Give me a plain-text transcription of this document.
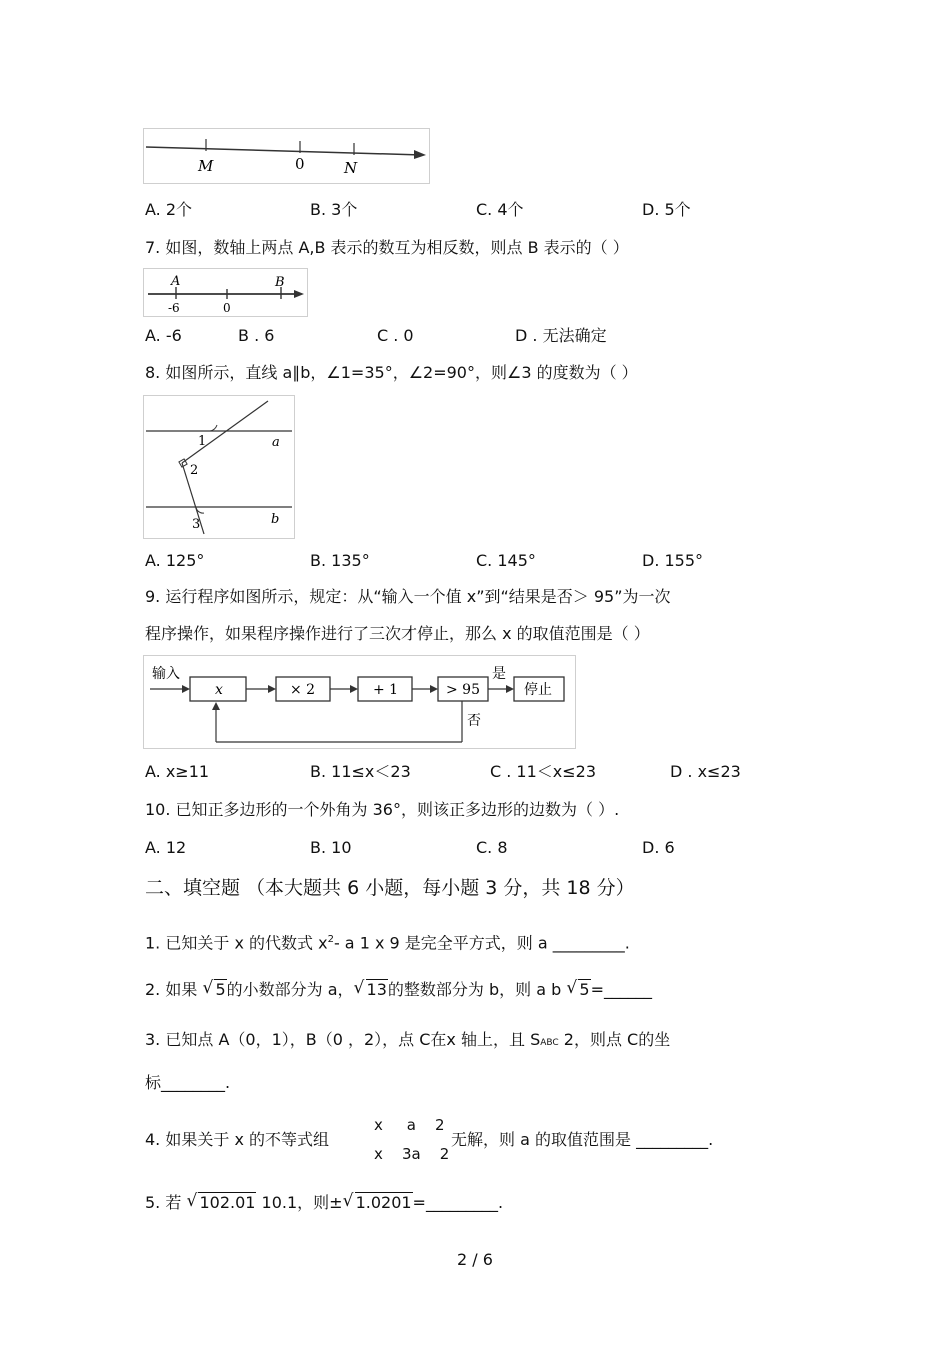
M	0	N
A. 2个	B. 3个	C. 4个	D. 5个
7. 如图，数轴上两点 A,B 表示的数互为相反数，则点 B 表示的（ ）
A	B
-6	0
A. -6	B . 6	C . 0	D . 无法确定
8. 如图所示，直线 a∥b，∠1=35°，∠2=90°，则∠3 的度数为（ ）
1
2
3
a
b
A. 125°	B. 135°	C. 145°	D. 155°
9. 运行程序如图所示，规定：从“输入一个值 x”到“结果是否＞ 95”为一次
程序操作，如果程序操作进行了三次才停止，那么 x 的取值范围是（ ）
输入
x	× 2	+ 1	> 95
是
停止
否
A. x≥11	B. 11≤x＜23	C . 11＜x≤23	D . x≤23
10. 已知正多边形的一个外角为 36°，则该正多边形的边数为（ ）.
A. 12	B. 10	C. 8	D. 6
二、填空题 （本大题共 6 小题，每小题 3 分，共 18 分）
1. 已知关于 x 的代数式 $x^2-$ a 1 x 9 是完全平方式，则 a _________.
2. 如果 √ 5的小数部分为 a， √ 13的整数部分为 b，则 a b √ 5=______
3. 已知点 A（0，1），B（0 ，2），点 C在x 轴上，且 SABC 2，则点 C的坐
标________.
4. 如果关于 x 的不等式组
x     a    2
x    3a    2
无解，则 a 的取值范围是 _________.
5. 若 √ 102.01 10.1，则± √ 1.0201=_________.
2 / 6
